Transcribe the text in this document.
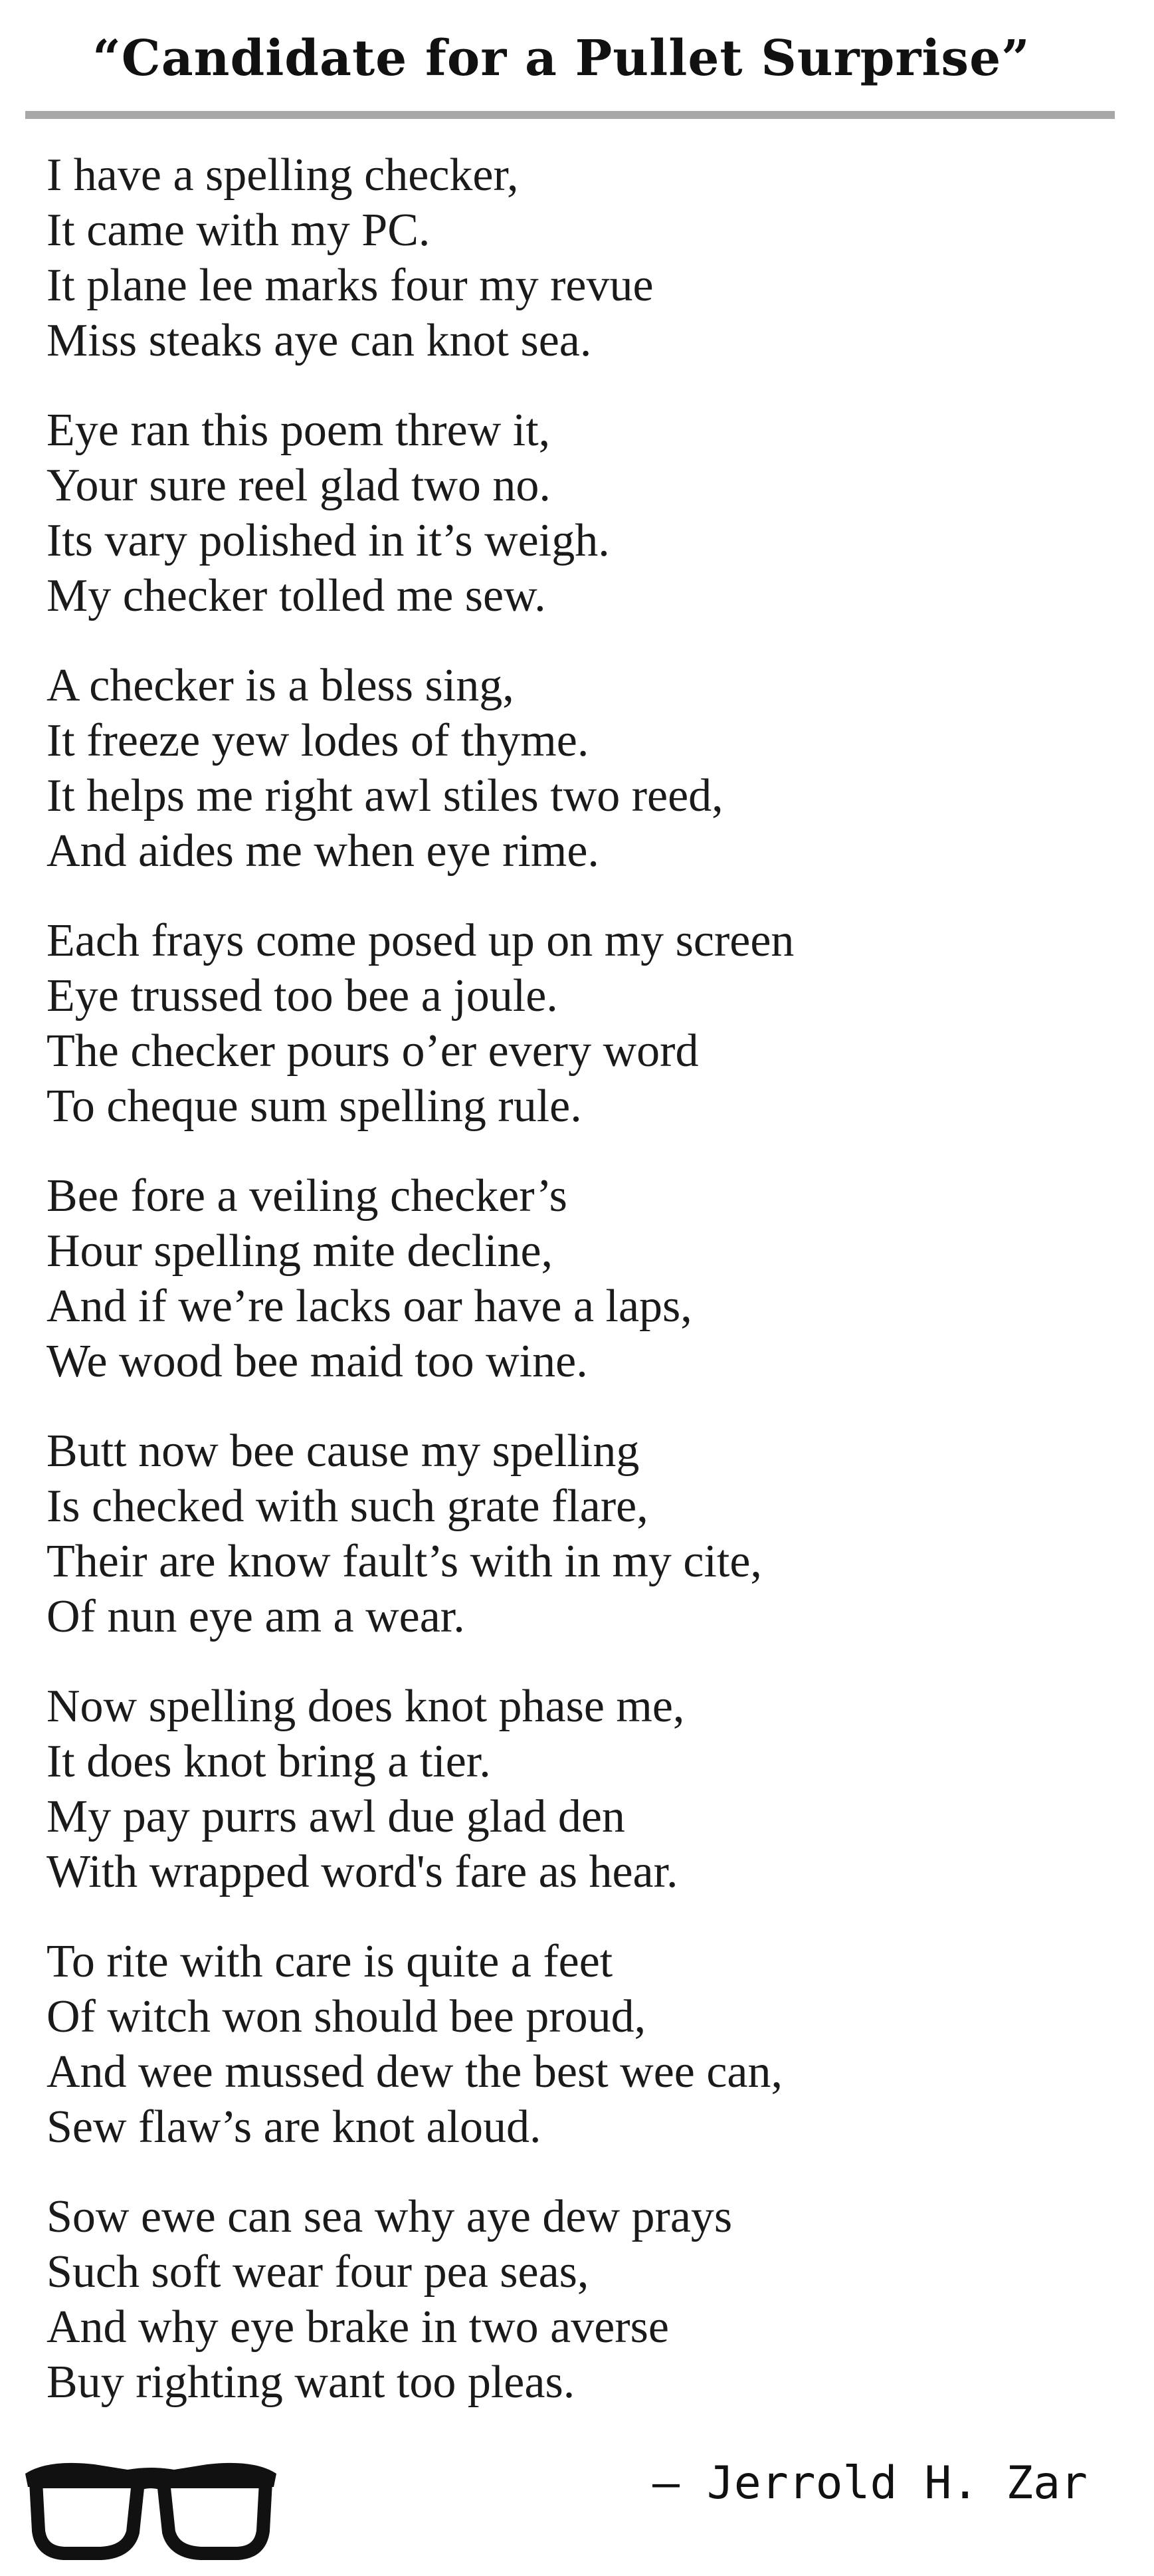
“Candidate for a Pullet Surprise”
I have a spelling checker,
It came with my PC.
It plane lee marks four my revue
Miss steaks aye can knot sea.
Eye ran this poem threw it,
Your sure reel glad two no.
Its vary polished in it’s weigh.
My checker tolled me sew.
A checker is a bless sing,
It freeze yew lodes of thyme.
It helps me right awl stiles two reed,
And aides me when eye rime.
Each frays come posed up on my screen
Eye trussed too bee a joule.
The checker pours o’er every word
To cheque sum spelling rule.
Bee fore a veiling checker’s
Hour spelling mite decline,
And if we’re lacks oar have a laps,
We wood bee maid too wine.
Butt now bee cause my spelling
Is checked with such grate flare,
Their are know fault’s with in my cite,
Of nun eye am a wear.
Now spelling does knot phase me,
It does knot bring a tier.
My pay purrs awl due glad den
With wrapped word's fare as hear.
To rite with care is quite a feet
Of witch won should bee proud,
And wee mussed dew the best wee can,
Sew flaw’s are knot aloud.
Sow ewe can sea why aye dew prays
Such soft wear four pea seas,
And why eye brake in two averse
Buy righting want too pleas.
— Jerrold H. Zar
